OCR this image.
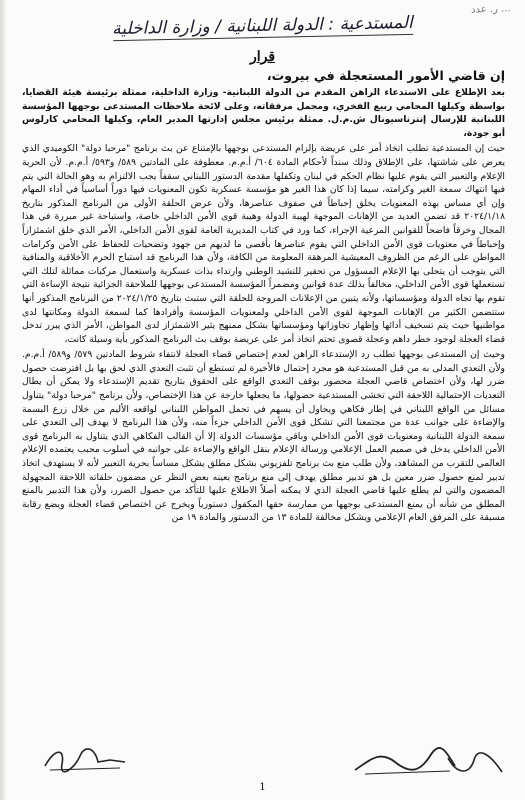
ر. عدد ...
المستدعية : الدولة اللبنانية / وزارة الداخلية
قرار

إن قاضي الأمور المستعجلة في بيروت،

بعد الإطلاع على الاستدعاء الراهن المقدم من الدولة اللبنانية- وزارة الداخلية، ممثلة برئيسة هيئة القضايا، بواسطة وكيلها المحامي ربيع الفخري، ومجمل مرفقاته، وعلى لائحة ملاحظات المستدعى بوجهها المؤسسة اللبنانية للإرسال إنترناسيونال ش.م.ل. ممثلة برئيس مجلس إدارتها المدير العام، وكيلها المحامي كارلوس أبو جودة،

حيث إن المستدعية تطلب اتخاذ أمر على عريضة بإلزام المستدعى بوجهها بالإمتناع عن بث برنامج "مرحبا دولة" الكوميدي الذي يعرض على شاشتها، على الإطلاق وذلك سنداً لأحكام المادة ٦٠٤/ أ.م.م. معطوفة على المادتين ٥٨٩/ و٥٩٣/ أ.م.م. لأن الحرية الإعلام والتعبير التي يقوم عليها نظام الحكم في لبنان وتكفلها مقدمة الدستور اللبناني سقفاً يجب الالتزام به وهو الحالة التي يتم فيها انتهاك سمعة الغير وكرامته، سيما إذا كان هذا الغير هو مؤسسة عسكرية تكون المعنويات فيها دوراً أساسياً في أداء المهام وإن أي مساس بهذه المعنويات يخلق إحباطاً في صفوف عناصرها، ولأن عرض الحلقة الأولى من البرنامج المذكور بتاريخ ٢٠٢٤/١/١٨ قد تضمن العديد من الإهانات الموجهة لهيبة الدولة وهيبة قوى الأمن الداخلي خاصة، واستباحة غير مبررة في هذا المجال وخرقاً فاضحاً للقوانين المرعية الإجراء، كما ورد في كتاب المديرية العامة لقوى الأمن الداخلي، الأمر الذي خلق اشمئزازاً وإحباطاً في معنويات قوى الأمن الداخلي التي يقوم عناصرها بأقصى ما لديهم من جهود وتضحيات للحفاظ على الأمن وكرامات المواطن على الرغم من الظروف المعيشية المرهقة المعلومة من الكافة، ولأن هذا البرنامج قد استباح الحرم الأخلاقية والمنافية التي يتوجب أن يتحلى بها الإعلام المسؤول من تحقير للنشيد الوطني وارتداء بذات عسكرية واستعمال مركبات مماثلة لتلك التي تستعملها قوى الأمن الداخلي، مخالفاً بذلك عدة قوانين ومضمراً المؤسسة المستدعى بوجهها للملاحقة الجزائية نتيجة الإساءة التي تقوم بها تجاه الدولة ومؤسساتها، ولأنه يتبين من الإعلانات المروجة للحلقة التي ستبث بتاريخ ٢٠٢٤/١/٢٥ من البرنامج المذكور أنها ستتضمن الكثير من الإهانات الموجهة لقوى الأمن الداخلي ولمعنويات المؤسسة وأفرادها كما لسمعة الدولة ومكانتها لدى مواطنيها حيث يتم تسخيف أدائها وإظهار تجاوزاتها ومؤسساتها بشكل ممنهج يثير الاشمئزاز لدى المواطن، الأمر الذي يبرر تدخل قضاء العجلة لوجود خطر داهم وعجلة قصوى تحتم اتخاذ أمر على عريضة بوقف بث البرنامج المذكور بأية وسيلة كانت،

وحيث إن المستدعى بوجهها تطلب رد الإستدعاء الراهن لعدم إختصاص قضاء العجلة لانتفاء شروط المادتين ٥٧٩/ و٥٨٩/ أ.م.م. ولأن التعدي المدلى به من قبل المستدعية هو مجرد إحتمال فالأخيرة لم تستطع أن تثبت التعدي الذي لحق بها بل افترضت حصول ضرر لها، ولأن اختصاص قاضي العجلة محصور بوقف التعدي الواقع على الحقوق بتاريخ تقديم الإستدعاء ولا يمكن أن يطال التعديات الإحتمالية اللاحقة التي تخشى المستدعية حصولها، ما يجعلها خارجة عن هذا الإختصاص، ولأن برنامج "مرحبا دولة" يتناول مسائل من الواقع اللبناني في إطار فكاهي ويحاول أن يسهم في تحمل المواطن اللبناني لواقعه الأليم من خلال زرع البسمة والإضاءة على جوانب عدة من مجتمعنا التي تشكل قوى الأمن الداخلي جزءاً منه، ولأن هذا البرنامج لا يهدف إلى التعدي على سمعة الدولة اللبنانية ومعنويات قوى الأمن الداخلي وباقي مؤسسات الدولة إلا أن القالب الفكاهي الذي يتناول به البرنامج قوى الأمن الداخلي يدخل في صميم العمل الإعلامي ورسالة الإعلام بنقل الواقع والإضاءة على جوانبه في أسلوب محبب يعتمده الإعلام العالمي للتقرب من المشاهد، ولأن طلب منع بث برنامج تلفزيوني بشكل مطلق يشكل مساساً بحرية التعبير لأنه لا يستهدف اتخاذ تدبير لمنع حصول ضرر معين بل هو تدبير مطلق يهدف إلى منع برنامج بعينه بعض النظر عن مضمون حلقاته اللاحقة المجهولة المضمون والتي لم يطلع عليها قاضي العجلة الذي لا يمكنه أصلاً الاطلاع عليها للتأكد من حصول الضرر، ولأن هذا التدبير بالمنع المطلق من شأنه أن يمنع المستدعى بوجهها من ممارسة حقها المكفول دستورياً ويخرج عن اختصاص قضاء العجلة ويضع رقابة مسبقة على المرفق العام الإعلامي ويشكل مخالفة للمادة ١٣ من الدستور والمادة ١٩ من

1
